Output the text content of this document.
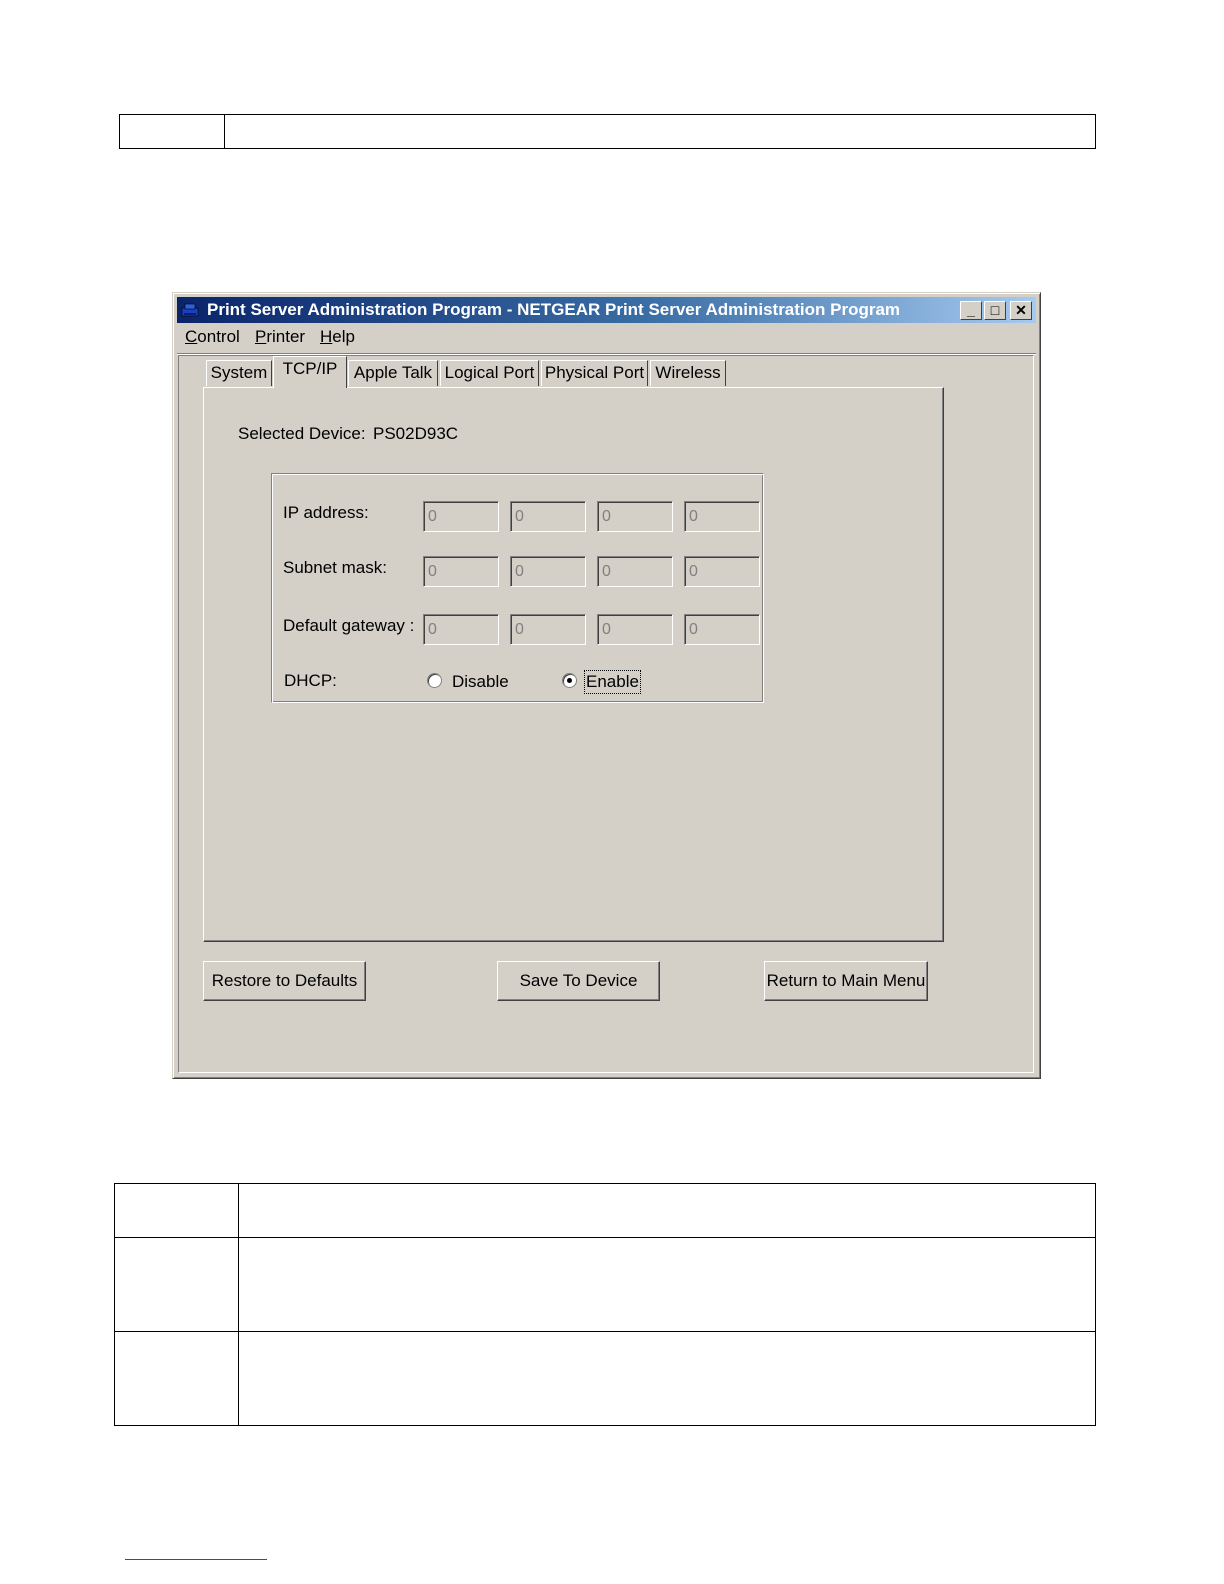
Print Server Administration Program - NETGEAR Print Server Administration Program	_	□	✕
Control Printer Help
System TCP/IP Apple Talk Logical Port Physical Port Wireless
Selected Device: PS02D93C
IP address:	0	0	0	0
Subnet mask:	0	0	0	0
Default gateway : 0	0	0	0
DHCP:	Disable	Enable
Restore to Defaults	Save To Device	Return to Main Menu
